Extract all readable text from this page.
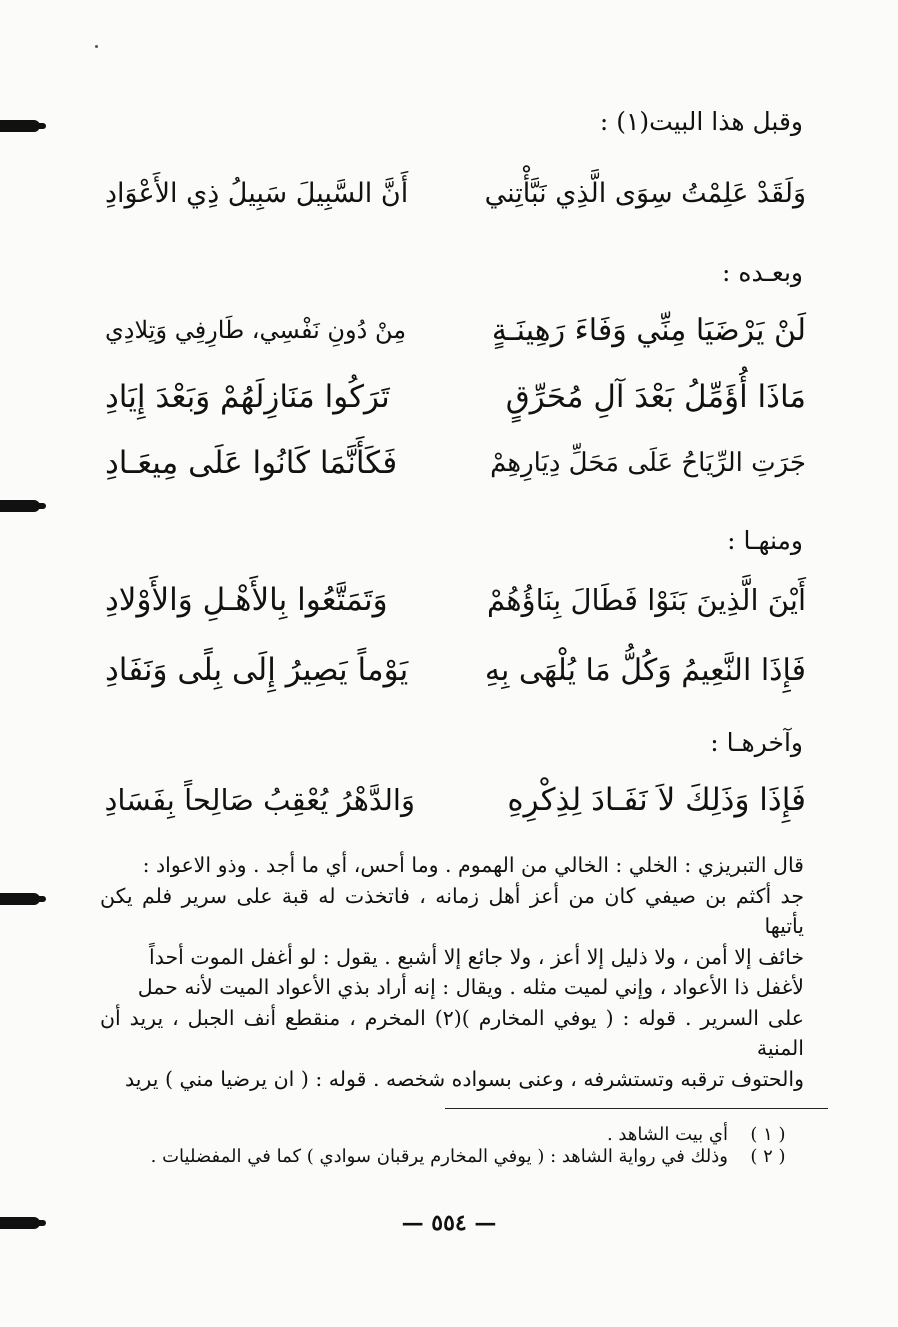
وقبل هذا البيت(١) :
وَلَقَدْ عَلِمْتُ سِوَى الَّذِي نَبَّأْتِني
أَنَّ السَّبِيلَ سَبِيلُ ذِي الأَعْوَادِ
وبعـده :
لَنْ يَرْضَيَا مِنِّي وَفَاءَ رَهِينَـةٍ
مِنْ دُونِ نَفْسِي، طَارِفِي وَتِلادِي
مَاذَا أُؤَمِّلُ بَعْدَ آلِ مُحَرِّقٍ
تَرَكُوا مَنَازِلَهُمْ وَبَعْدَ إِيَادِ
جَرَتِ الرِّيَاحُ عَلَى مَحَلِّ دِيَارِهِمْ
فَكَأَنَّمَا كَانُوا عَلَى مِيعَـادِ
ومنهـا :
أَيْنَ الَّذِينَ بَنَوْا فَطَالَ بِنَاؤُهُمْ
وَتَمَتَّعُوا بِالأَهْـلِ وَالأَوْلادِ
فَإِذَا النَّعِيمُ وَكُلُّ مَا يُلْهَى بِهِ
يَوْماً يَصِيرُ إِلَى بِلًى وَنَفَادِ
وآخرهـا :
فَإِذَا وَذَلِكَ لاَ نَفَـادَ لِذِكْرِهِ
وَالدَّهْرُ يُعْقِبُ صَالِحاً بِفَسَادِ

قال التبريزي : الخلي : الخالي من الهموم . وما أحس، أي ما أجد . وذو الاعواد :

جد أكثم بن صيفي كان من أعز أهل زمانه ، فاتخذت له قبة على سرير فلم يكن يأتيها

خائف إلا أمن ، ولا ذليل إلا أعز ، ولا جائع إلا أشبع . يقول : لو أغفل الموت أحداً

لأغفل ذا الأعواد ، وإني لميت مثله . ويقال : إنه أراد بذي الأعواد الميت لأنه حمل

على السرير . قوله : ( يوفي المخارم )(٢) المخرم ، منقطع أنف الجبل ، يريد أن المنية

والحتوف ترقبه وتستشرفه ، وعنى بسواده شخصه . قوله : ( ان يرضيا مني ) يريد

( ١ )
أي بيت الشاهد .
( ٢ )
وذلك في رواية الشاهد : ( يوفي المخارم يرقبان سوادي ) كما في المفضليات .
— ٥٥٤ —
